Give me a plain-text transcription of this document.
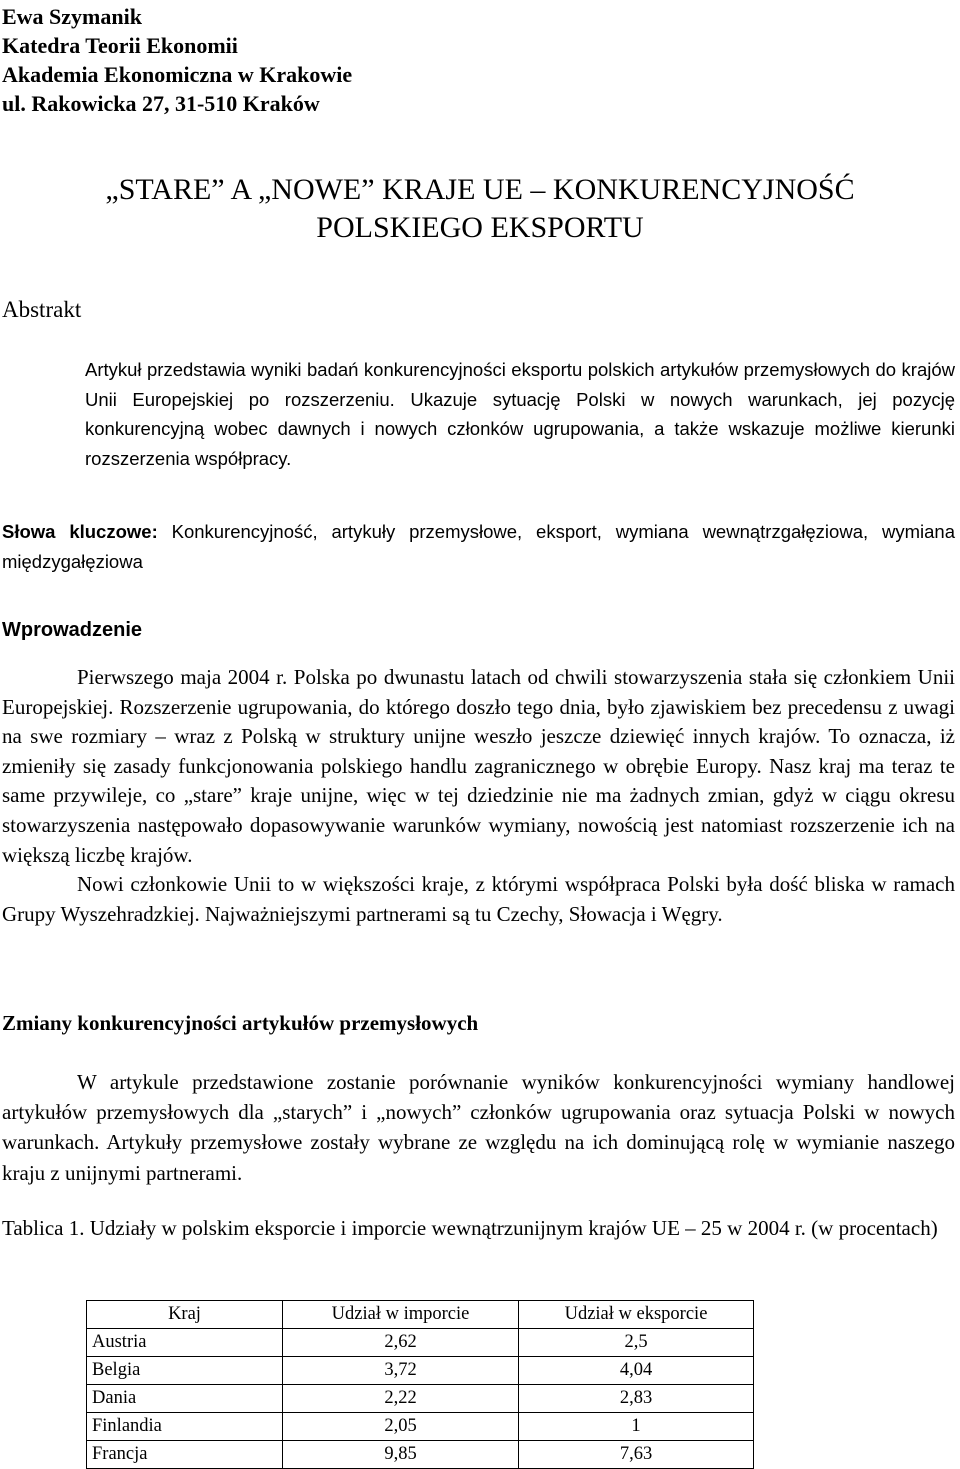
Ewa Szymanik
Katedra Teorii Ekonomii
Akademia Ekonomiczna w Krakowie
ul. Rakowicka 27, 31-510 Kraków
„STARE” A „NOWE” KRAJE UE – KONKURENCYJNOŚĆ
POLSKIEGO EKSPORTU
Abstrakt
Artykuł przedstawia wyniki badań konkurencyjności eksportu polskich artykułów przemysłowych do krajów Unii Europejskiej po rozszerzeniu. Ukazuje sytuację Polski w nowych warunkach, jej pozycję konkurencyjną wobec dawnych i nowych członków ugrupowania, a także wskazuje możliwe kierunki rozszerzenia współpracy.
Słowa kluczowe: Konkurencyjność, artykuły przemysłowe, eksport, wymiana wewnątrzgałęziowa, wymiana międzygałęziowa
Wprowadzenie

Pierwszego maja 2004 r. Polska po dwunastu latach od chwili stowarzyszenia stała się członkiem Unii Europejskiej. Rozszerzenie ugrupowania, do którego doszło tego dnia, było zjawiskiem bez precedensu z uwagi na swe rozmiary – wraz z Polską w struktury unijne weszło jeszcze dziewięć innych krajów. To oznacza, iż zmieniły się zasady funkcjonowania polskiego handlu zagranicznego w obrębie Europy. Nasz kraj ma teraz te same przywileje, co „stare” kraje unijne, więc w tej dziedzinie nie ma żadnych zmian, gdyż w ciągu okresu stowarzyszenia następowało dopasowywanie warunków wymiany, nowością jest natomiast rozszerzenie ich na większą liczbę krajów.

Nowi członkowie Unii to w większości kraje, z którymi współpraca Polski była dość bliska w ramach Grupy Wyszehradzkiej. Najważniejszymi partnerami są tu Czechy, Słowacja i Węgry.

Zmiany konkurencyjności artykułów przemysłowych

W artykule przedstawione zostanie porównanie wyników konkurencyjności wymiany handlowej artykułów przemysłowych dla „starych” i „nowych” członków ugrupowania oraz sytuacja Polski w nowych warunkach. Artykuły przemysłowe zostały wybrane ze względu na ich dominującą rolę w wymianie naszego kraju z unijnymi partnerami.

Tablica 1. Udziały w polskim eksporcie i imporcie wewnątrzunijnym krajów UE – 25 w 2004 r. (w procentach)
Kraj	Udział w imporcie	Udział w eksporcie
Austria	2,62	2,5
Belgia	3,72	4,04
Dania	2,22	2,83
Finlandia	2,05	1
Francja	9,85	7,63
